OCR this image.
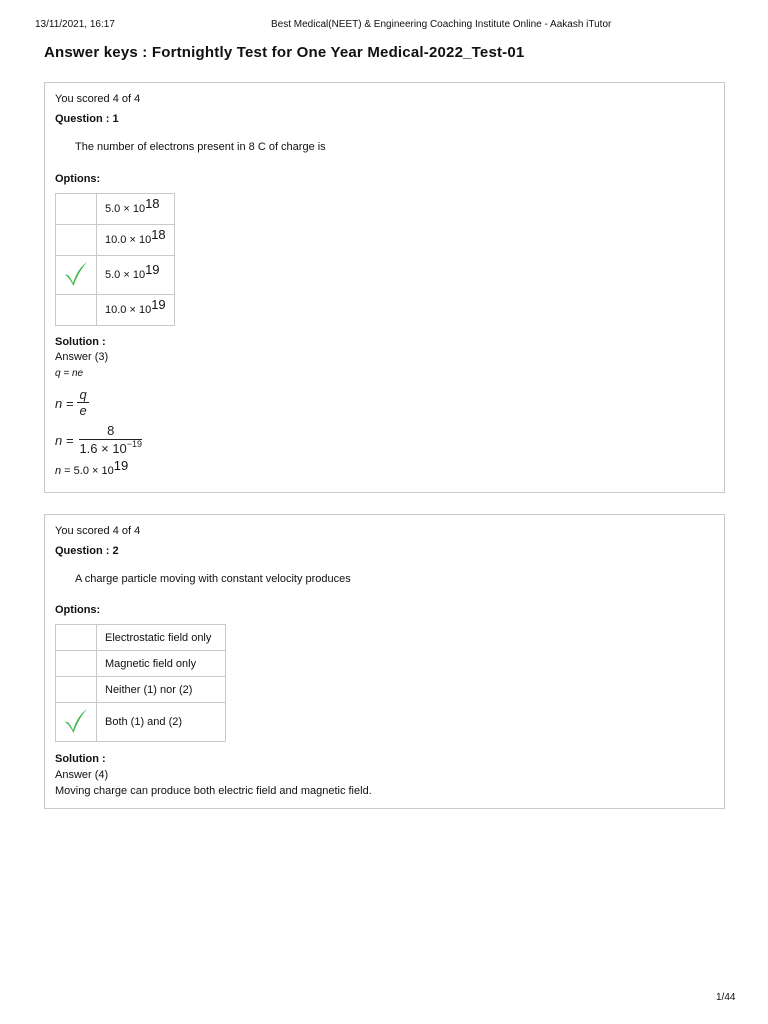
13/11/2021, 16:17	Best Medical(NEET) & Engineering Coaching Institute Online - Aakash iTutor
Answer keys : Fortnightly Test for One Year Medical-2022_Test-01
You scored 4 of 4
Question : 1
The number of electrons present in 8 C of charge is
Options:
	$5.0 \times 10^{18}$
	$10.0 \times 10^{18}$
	$5.0 \times 10^{19}$
	$10.0 \times 10^{19}$
Solution :
Answer (3)
q = ne
$n = \frac{q}{e}$
$n = \frac{8}{1.6 \times 10^{-19}}$
$n = 5.0 \times 10^{19}$
You scored 4 of 4
Question : 2
A charge particle moving with constant velocity produces
Options:
	Electrostatic field only
	Magnetic field only
	Neither (1) nor (2)
	Both (1) and (2)
Solution :
Answer (4)
Moving charge can produce both electric field and magnetic field.
1/44
